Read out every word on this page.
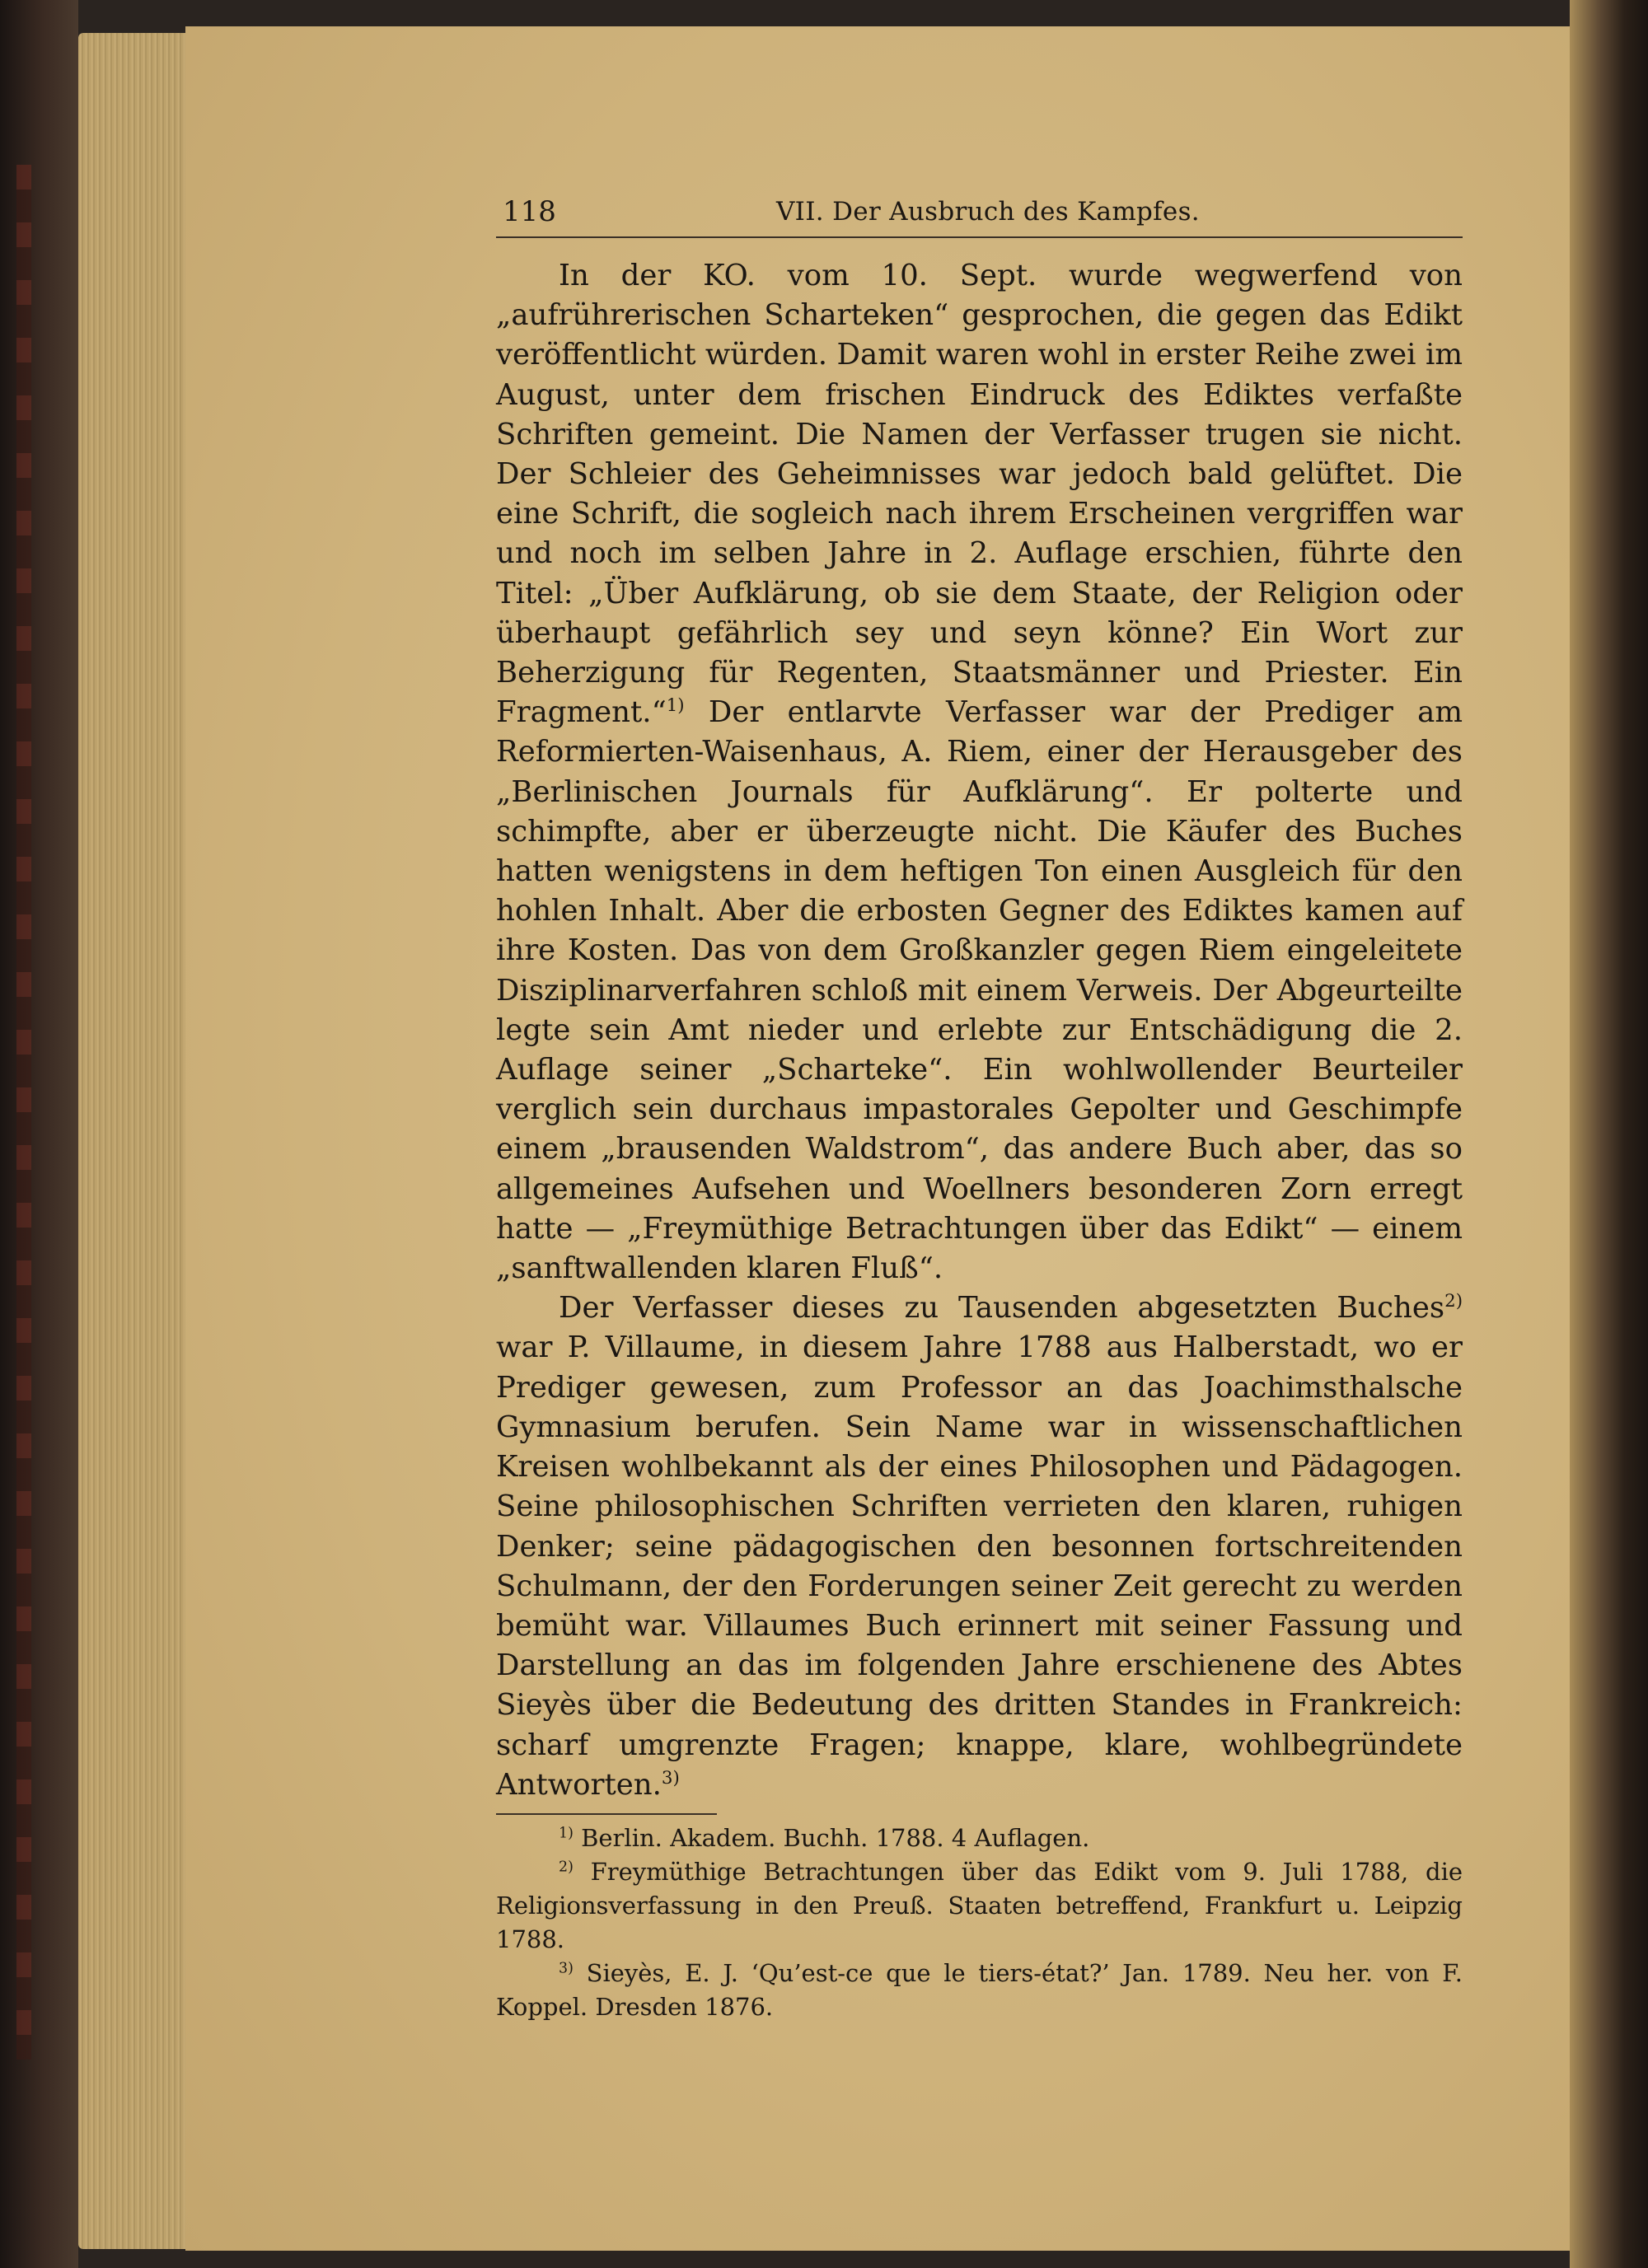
118	VII. Der Ausbruch des Kampfes.

In der KO. vom 10. Sept. wurde wegwerfend von „aufrührerischen Scharteken“ gesprochen, die gegen das Edikt veröffentlicht würden. Damit waren wohl in erster Reihe zwei im August, unter dem frischen Eindruck des Ediktes verfaßte Schriften gemeint. Die Namen der Verfasser trugen sie nicht. Der Schleier des Geheimnisses war jedoch bald gelüftet. Die eine Schrift, die sogleich nach ihrem Erscheinen vergriffen war und noch im selben Jahre in 2. Auflage erschien, führte den Titel: „Über Aufklärung, ob sie dem Staate, der Religion oder überhaupt gefährlich sey und seyn könne? Ein Wort zur Beherzigung für Regenten, Staatsmänner und Priester. Ein Fragment.“$^{1)}$ Der entlarvte Verfasser war der Prediger am Reformierten-Waisenhaus, A. Riem, einer der Herausgeber des „Berlinischen Journals für Aufklärung“. Er polterte und schimpfte, aber er überzeugte nicht. Die Käufer des Buches hatten wenigstens in dem heftigen Ton einen Ausgleich für den hohlen Inhalt. Aber die erbosten Gegner des Ediktes kamen auf ihre Kosten. Das von dem Großkanzler gegen Riem eingeleitete Disziplinarverfahren schloß mit einem Verweis. Der Abgeurteilte legte sein Amt nieder und erlebte zur Entschädigung die 2. Auflage seiner „Scharteke“. Ein wohlwollender Beurteiler verglich sein durchaus impastorales Gepolter und Geschimpfe einem „brausenden Waldstrom“, das andere Buch aber, das so allgemeines Aufsehen und Woellners besonderen Zorn erregt hatte — „Freymüthige Betrachtungen über das Edikt“ — einem „sanftwallenden klaren Fluß“.

Der Verfasser dieses zu Tausenden abgesetzten Buches$^{2)}$ war P. Villaume, in diesem Jahre 1788 aus Halberstadt, wo er Prediger gewesen, zum Professor an das Joachimsthalsche Gymnasium berufen. Sein Name war in wissenschaftlichen Kreisen wohlbekannt als der eines Philosophen und Pädagogen. Seine philosophischen Schriften verrieten den klaren, ruhigen Denker; seine pädagogischen den besonnen fortschreitenden Schulmann, der den Forderungen seiner Zeit gerecht zu werden bemüht war. Villaumes Buch erinnert mit seiner Fassung und Darstellung an das im folgenden Jahre erschienene des Abtes Sieyès über die Bedeutung des dritten Standes in Frankreich: scharf umgrenzte Fragen; knappe, klare, wohlbegründete Antworten.$^{3)}$

$^{1)}$ Berlin. Akadem. Buchh. 1788. 4 Auflagen.

$^{2)}$ Freymüthige Betrachtungen über das Edikt vom 9. Juli 1788, die Religionsverfassung in den Preuß. Staaten betreffend, Frankfurt u. Leipzig 1788.

$^{3)}$ Sieyès, E. J. ‘Qu’est-ce que le tiers-état?’ Jan. 1789. Neu her. von F. Koppel. Dresden 1876.
